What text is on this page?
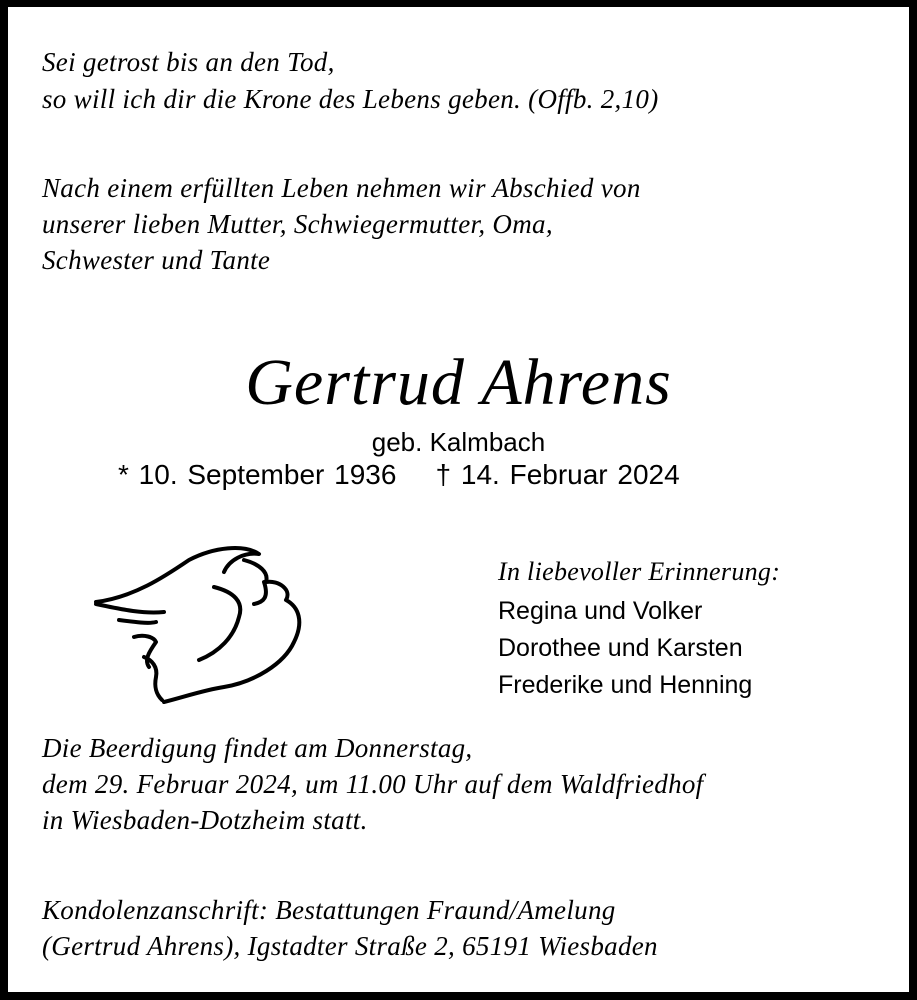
Sei getrost bis an den Tod,
so will ich dir die Krone des Lebens geben. (Offb. 2,10)
Nach einem erfüllten Leben nehmen wir Abschied von
unserer lieben Mutter, Schwiegermutter, Oma,
Schwester und Tante
Gertrud Ahrens
geb. Kalmbach
* 10. September 1936    † 14. Februar 2024
In liebevoller Erinnerung:
Regina und Volker
Dorothee und Karsten
Frederike und Henning
Die Beerdigung findet am Donnerstag,
dem 29. Februar 2024, um 11.00 Uhr auf dem Waldfriedhof
in Wiesbaden-Dotzheim statt.
Kondolenzanschrift: Bestattungen Fraund/Amelung
(Gertrud Ahrens), Igstadter Straße 2, 65191 Wiesbaden
